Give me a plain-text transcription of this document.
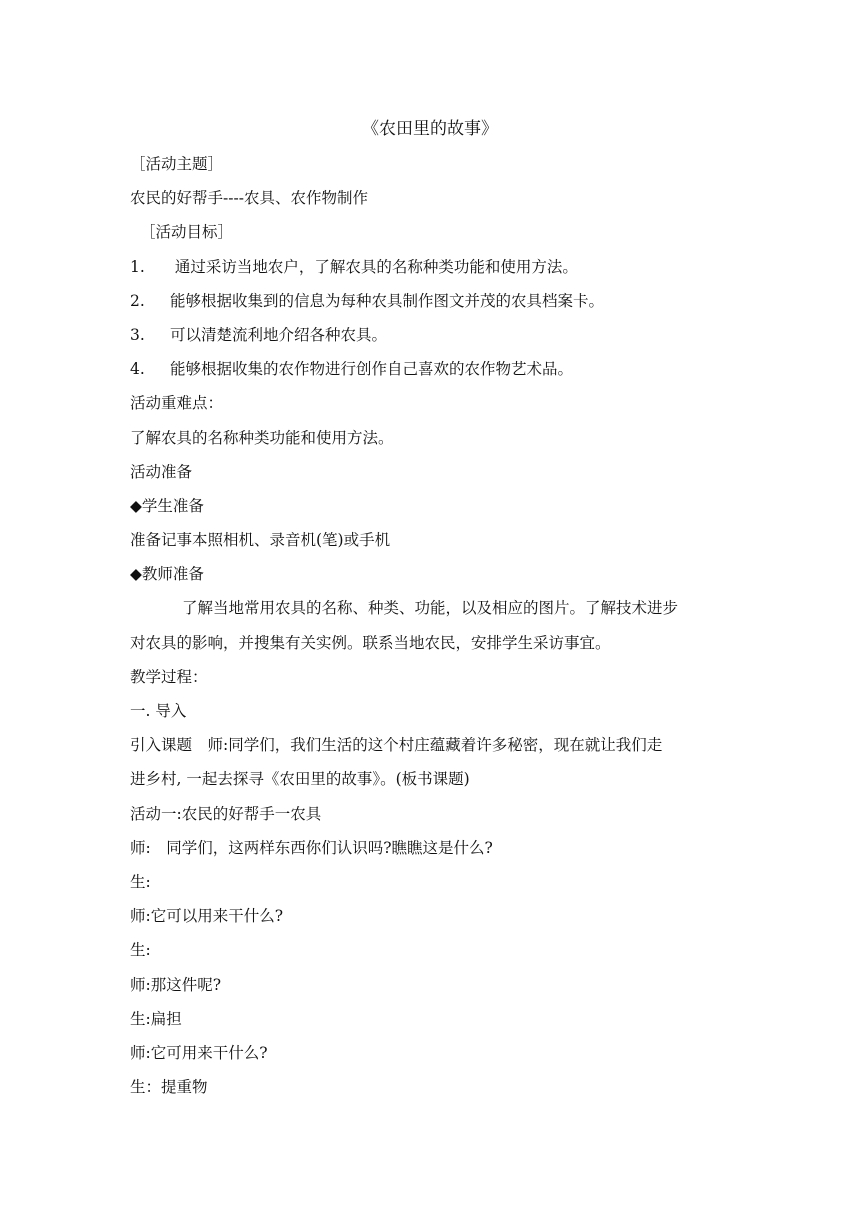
《农田里的故事》
［活动主题］
农民的好帮手----农具、农作物制作
［活动目标］
1. 通过采访当地农户，了解农具的名称种类功能和使用方法。
2. 能够根据收集到的信息为每种农具制作图文并茂的农具档案卡。
3. 可以清楚流利地介绍各种农具。
4. 能够根据收集的农作物进行创作自己喜欢的农作物艺术品。
活动重难点：
了解农具的名称种类功能和使用方法。
活动准备
◆学生准备
准备记事本照相机、录音机(笔)或手机
◆教师准备
了解当地常用农具的名称、种类、功能，以及相应的图片。了解技术进步
对农具的影响，并搜集有关实例。联系当地农民，安排学生采访事宜。
教学过程：
一. 导入
引入课题　师:同学们，我们生活的这个村庄蕴藏着许多秘密，现在就让我们走
进乡村, 一起去探寻《农田里的故事》。(板书课题)
活动一:农民的好帮手一农具
师:　同学们，这两样东西你们认识吗?瞧瞧这是什么?
生:
师:它可以用来干什么?
生:
师:那这件呢?
生:扁担
师:它可用来干什么?
生：提重物
